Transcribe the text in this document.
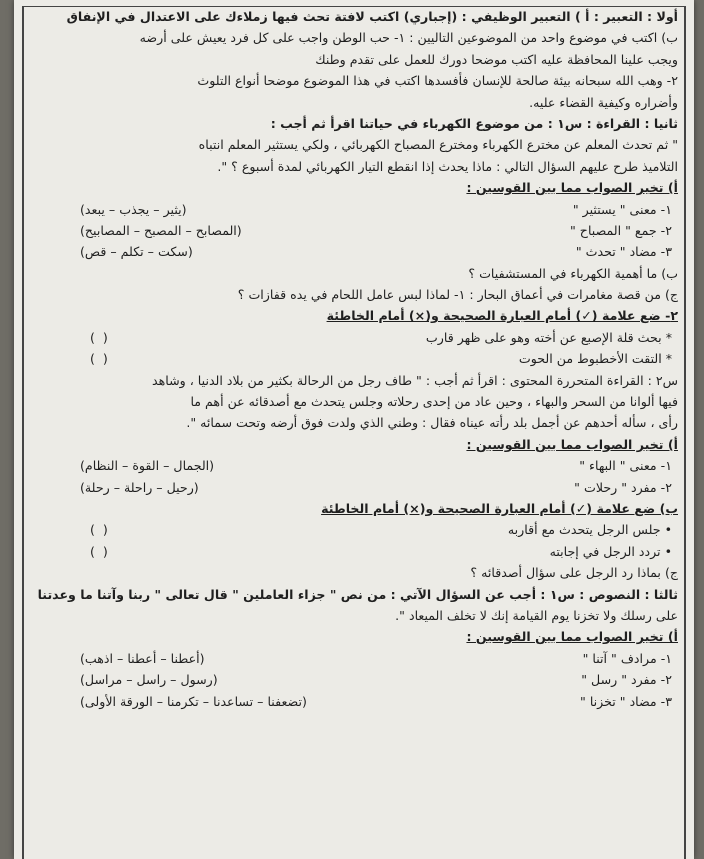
أولا : التعبير : أ ) التعبير الوظيفي : (إجباري) اكتب لافتة تحث فيها زملاءك على الاعتدال في الإنفاق
ب) اكتب في موضوع واحد من الموضوعين التاليين : ١- حب الوطن واجب على كل فرد يعيش على أرضه
ويجب علينا المحافظة عليه اكتب موضحا دورك للعمل على تقدم وطنك
٢- وهب الله سبحانه بيئة صالحة للإنسان فأفسدها اكتب في هذا الموضوع موضحا أنواع التلوث
وأضراره وكيفية القضاء عليه.
ثانيا : القراءة : س١ : من موضوع الكهرباء في حياتنا اقرأ ثم أجب :
" ثم تحدث المعلم عن مخترع الكهرباء ومخترع المصباح الكهربائي ، ولكي يستثير المعلم انتباه
التلاميذ طرح عليهم السؤال التالي : ماذا يحدث إذا انقطع التيار الكهربائي لمدة أسبوع ؟ ".
أ) تخير الصواب مما بين القوسين :
١- معنى " يستثير "
(يثير – يجذب – يبعد)
٢- جمع " المصباح "
(المصابح – المصبح – المصابيح)
٣- مضاد " تحدث "
(سكت – تكلم – قص)
ب) ما أهمية الكهرباء في المستشفيات ؟
ج) من قصة مغامرات في أعماق البحار : ١- لماذا لبس عامل اللحام في يده قفازات ؟
٢- ضع علامة (✓) أمام العبارة الصحيحة و(×) أمام الخاطئة
* بحث قلة الإصبع عن أخته وهو على ظهر قارب
( )
* التقت الأخطبوط من الحوت
( )
س٢ : القراءة المتحررة المحتوى : اقرأ ثم أجب : " طاف رجل من الرحالة بكثير من بلاد الدنيا ، وشاهد
فيها ألوانا من السحر والبهاء ، وحين عاد من إحدى رحلاته وجلس يتحدث مع أصدقائه عن أهم ما
رأى ، سأله أحدهم عن أجمل بلد رأته عيناه فقال : وطني الذي ولدت فوق أرضه وتحت سمائه ".
أ) تخير الصواب مما بين القوسين :
١- معنى " البهاء "
(الجمال – القوة – النظام)
٢- مفرد " رحلات "
(رحيل – راحلة – رحلة)
ب) ضع علامة (✓) أمام العبارة الصحيحة و(×) أمام الخاطئة
• جلس الرجل يتحدث مع أقاربه
( )
• تردد الرجل في إجابته
( )
ج) بماذا رد الرجل على سؤال أصدقائه ؟
ثالثا : النصوص : س١ : أجب عن السؤال الآتي : من نص " جزاء العاملين " قال تعالى " ربنا وآتنا ما وعدتنا
على رسلك ولا تخزنا يوم القيامة إنك لا تخلف الميعاد ".
أ) تخير الصواب مما بين القوسين :
١- مرادف " آتنا "
(أعطنا – أعطنا – اذهب)
٢- مفرد " رسل "
(رسول – راسل – مراسل)
٣- مضاد " تخزنا "
(تضعفنا – تساعدنا – تكرمنا – الورقة الأولى)
